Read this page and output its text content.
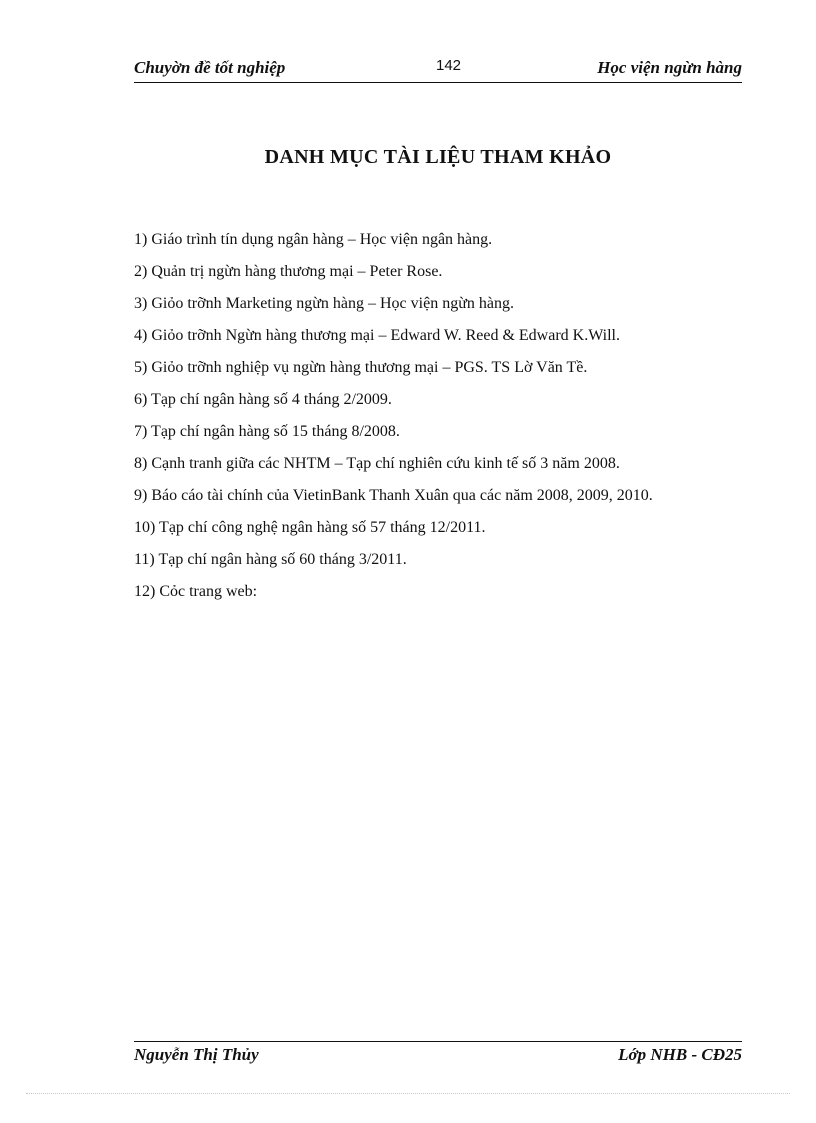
Chuyờn đề tốt nghiệp	142	Học viện ngừn hàng
DANH MỤC TÀI LIỆU THAM KHẢO
1) Giáo trình tín dụng ngân hàng – Học viện ngân hàng.
2) Quản trị ngừn hàng thương mại – Peter Rose.
3) Giỏo trỡnh Marketing ngừn hàng – Học viện ngừn hàng.
4) Giỏo trỡnh Ngừn hàng thương mại – Edward W. Reed & Edward K.Will.
5) Giỏo trỡnh nghiệp vụ ngừn hàng thương mại – PGS. TS Lờ Văn Tề.
6) Tạp chí ngân hàng số 4 tháng 2/2009.
7) Tạp chí ngân hàng số 15 tháng 8/2008.
8) Cạnh tranh giữa các NHTM – Tạp chí nghiên cứu kinh tế số 3 năm 2008.
9) Báo cáo tài chính của VietinBank Thanh Xuân qua các năm 2008, 2009, 2010.
10) Tạp chí công nghệ ngân hàng số 57 tháng 12/2011.
11) Tạp chí ngân hàng số 60 tháng 3/2011.
12) Cỏc trang web:
Nguyễn Thị Thủy	Lớp NHB - CĐ25
